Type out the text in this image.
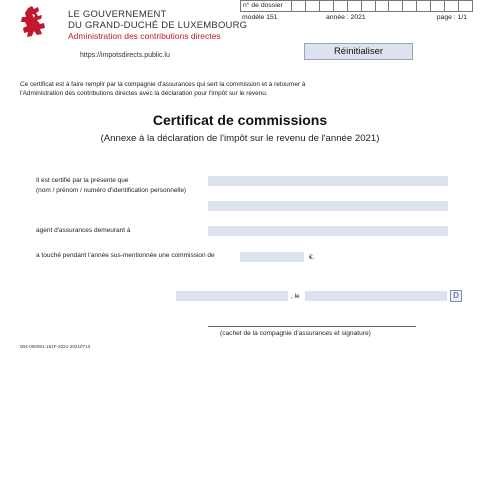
LE GOUVERNEMENT
DU GRAND-DUCHÉ DE LUXEMBOURG
Administration des contributions directes
https://impotsdirects.public.lu
n° de dossier
modèle 151	année : 2021	page : 1/1
Réinitialiser
Ce certificat est à faire remplir par la compagnie d'assurances qui sert la commission et à retourner à
l'Administration des contributions directes avec la déclaration pour l'impôt sur le revenu.
Certificat de commissions
(Annexe à la déclaration de l'impôt sur le revenu de l'année 2021)
Il est certifié par la présente que
(nom / prénom / numéro d'identification personnelle)
agent d'assurances demeurant à
a touché pendant l'année sus-mentionnée une commission de	€.
, le	D
(cachet de la compagnie d'assurances et signature)
004-000091-151F-2021-20210713
